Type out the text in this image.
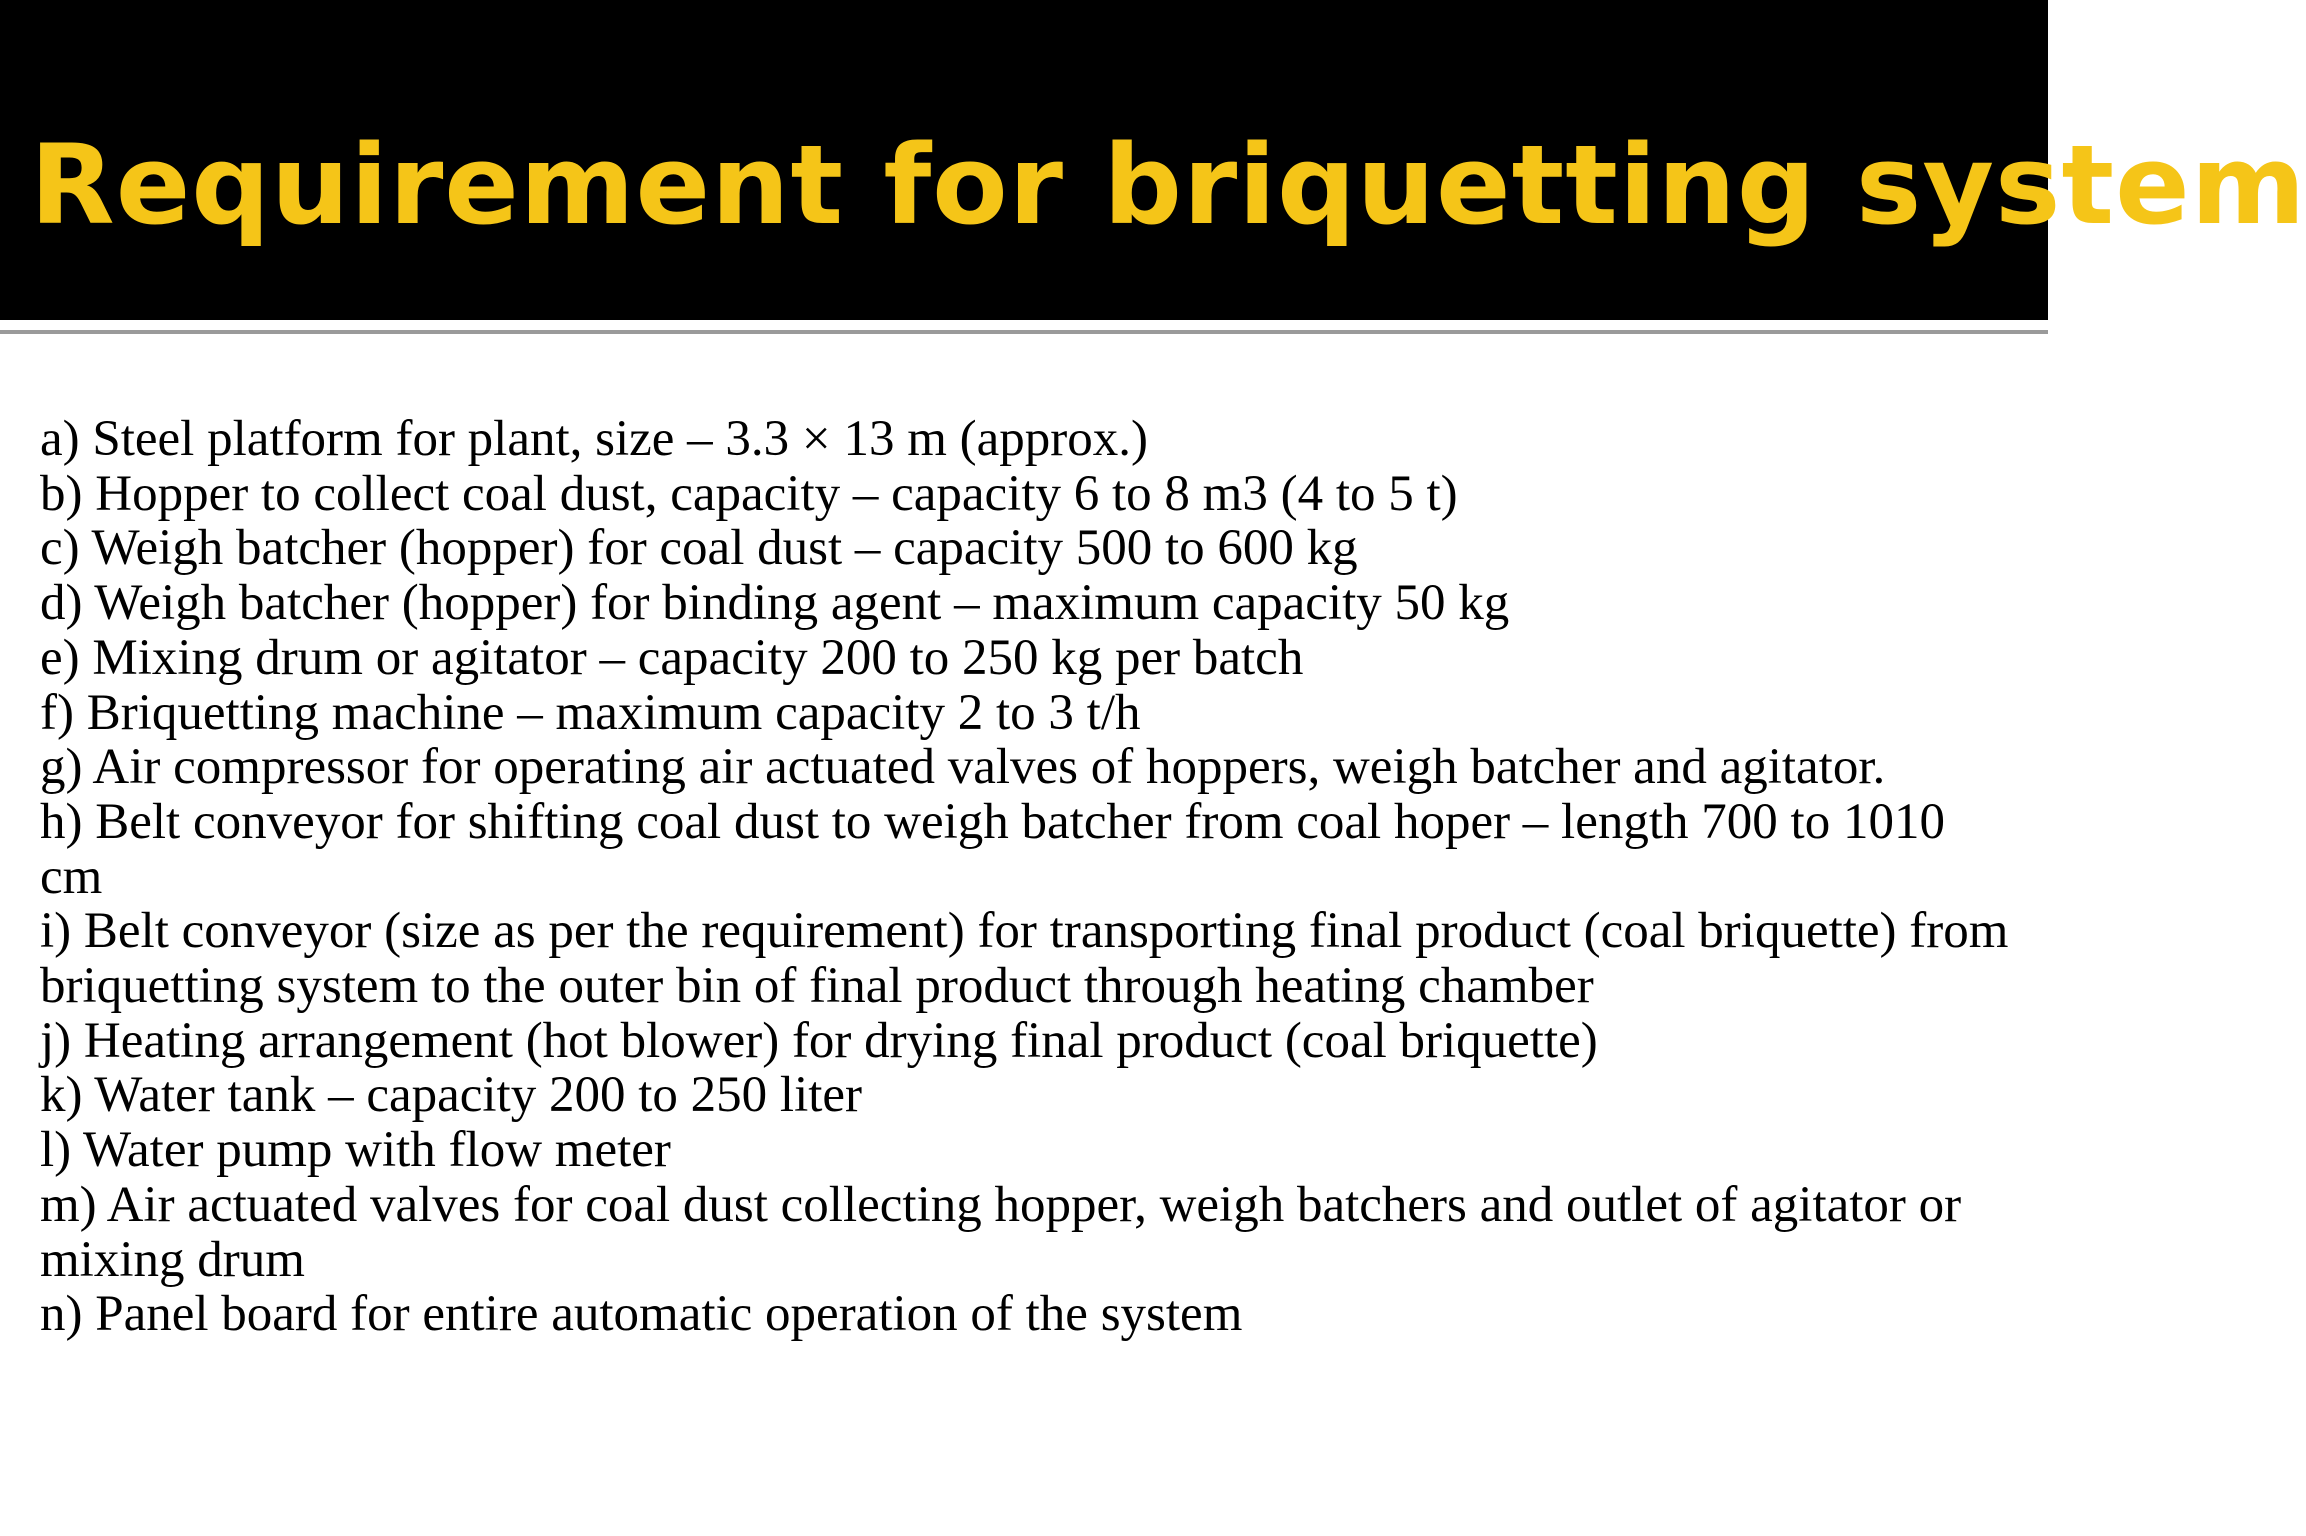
Requirement for briquetting system
a) Steel platform for plant, size – 3.3 × 13 m (approx.)
b) Hopper to collect coal dust, capacity – capacity 6 to 8 m3 (4 to 5 t)
c) Weigh batcher (hopper) for coal dust – capacity 500 to 600 kg
d) Weigh batcher (hopper) for binding agent – maximum capacity 50 kg
e) Mixing drum or agitator – capacity 200 to 250 kg per batch
f) Briquetting machine – maximum capacity 2 to 3 t/h
g) Air compressor for operating air actuated valves of hoppers, weigh batcher and agitator.
h) Belt conveyor for shifting coal dust to weigh batcher from coal hoper – length 700 to 1010 cm
i) Belt conveyor (size as per the requirement) for transporting final product (coal briquette) from briquetting system to the outer bin of final product through heating chamber
j) Heating arrangement (hot blower) for drying final product (coal briquette)
k) Water tank – capacity 200 to 250 liter
l) Water pump with flow meter
m) Air actuated valves for coal dust collecting hopper, weigh batchers and outlet of agitator or mixing drum
n) Panel board for entire automatic operation of the system
